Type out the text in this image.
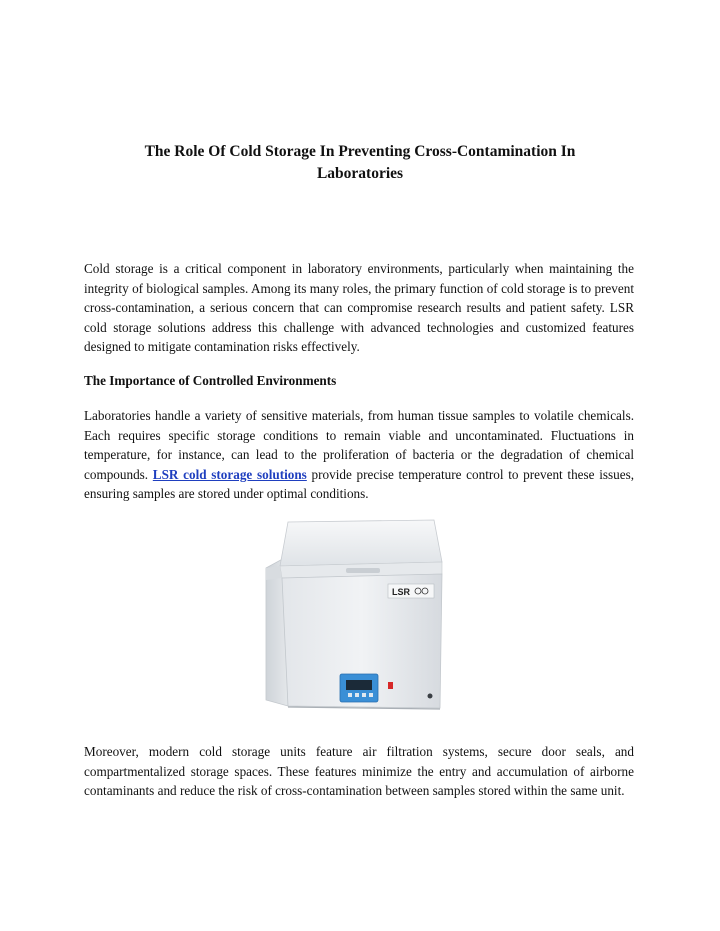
The Role Of Cold Storage In Preventing Cross-Contamination In Laboratories

Cold storage is a critical component in laboratory environments, particularly when maintaining the integrity of biological samples. Among its many roles, the primary function of cold storage is to prevent cross-contamination, a serious concern that can compromise research results and patient safety. LSR cold storage solutions address this challenge with advanced technologies and customized features designed to mitigate contamination risks effectively.

The Importance of Controlled Environments

Laboratories handle a variety of sensitive materials, from human tissue samples to volatile chemicals. Each requires specific storage conditions to remain viable and uncontaminated. Fluctuations in temperature, for instance, can lead to the proliferation of bacteria or the degradation of chemical compounds. LSR cold storage solutions provide precise temperature control to prevent these issues, ensuring samples are stored under optimal conditions.

LSR

Moreover, modern cold storage units feature air filtration systems, secure door seals, and compartmentalized storage spaces. These features minimize the entry and accumulation of airborne contaminants and reduce the risk of cross-contamination between samples stored within the same unit.
